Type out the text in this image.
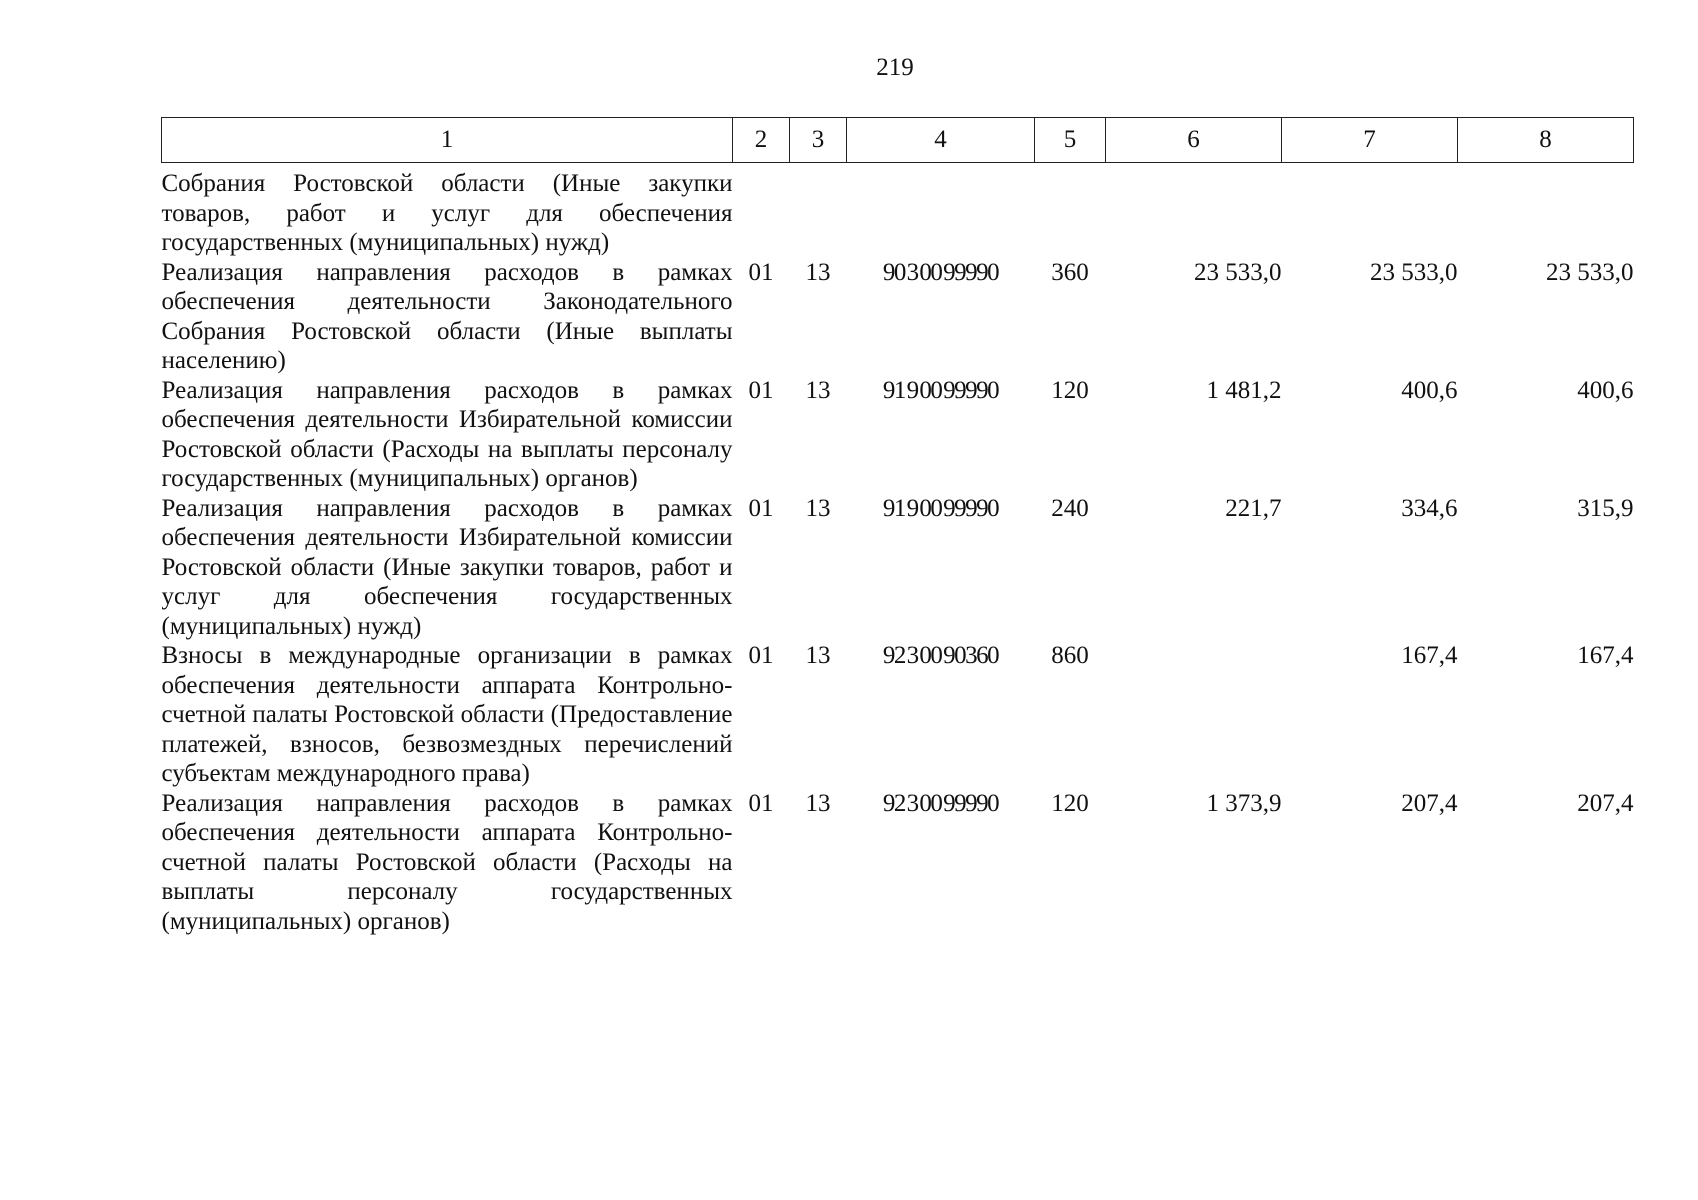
219
1	2	3	4	5	6	7	8
Собрания Ростовской области (Иные закупки товаров, работ и услуг для обеспечения государственных (муниципальных) нужд)							
Реализация направления расходов в рамках обеспечения деятельности Законодательного Собрания Ростовской области (Иные выплаты населению)	01	13	90 3 00 99990	360	23 533,0	23 533,0	23 533,0
Реализация направления расходов в рамках обеспечения деятельности Избирательной комиссии Ростовской области (Расходы на выплаты персоналу государственных (муниципальных) органов)	01	13	91 9 00 99990	120	1 481,2	400,6	400,6
Реализация направления расходов в рамках обеспечения деятельности Избирательной комиссии Ростовской области (Иные закупки товаров, работ и услуг для обеспечения государственных (муниципальных) нужд)	01	13	91 9 00 99990	240	221,7	334,6	315,9
Взносы в международные организации в рамках обеспечения деятельности аппарата Контрольно-счетной палаты Ростовской области (Предоставление платежей, взносов, безвозмездных перечислений субъектам международного права)	01	13	92 3 00 90360	860		167,4	167,4
Реализация направления расходов в рамках обеспечения деятельности аппарата Контрольно-счетной палаты Ростовской области (Расходы на выплаты персоналу государственных (муниципальных) органов)	01	13	92 3 00 99990	120	1 373,9	207,4	207,4
